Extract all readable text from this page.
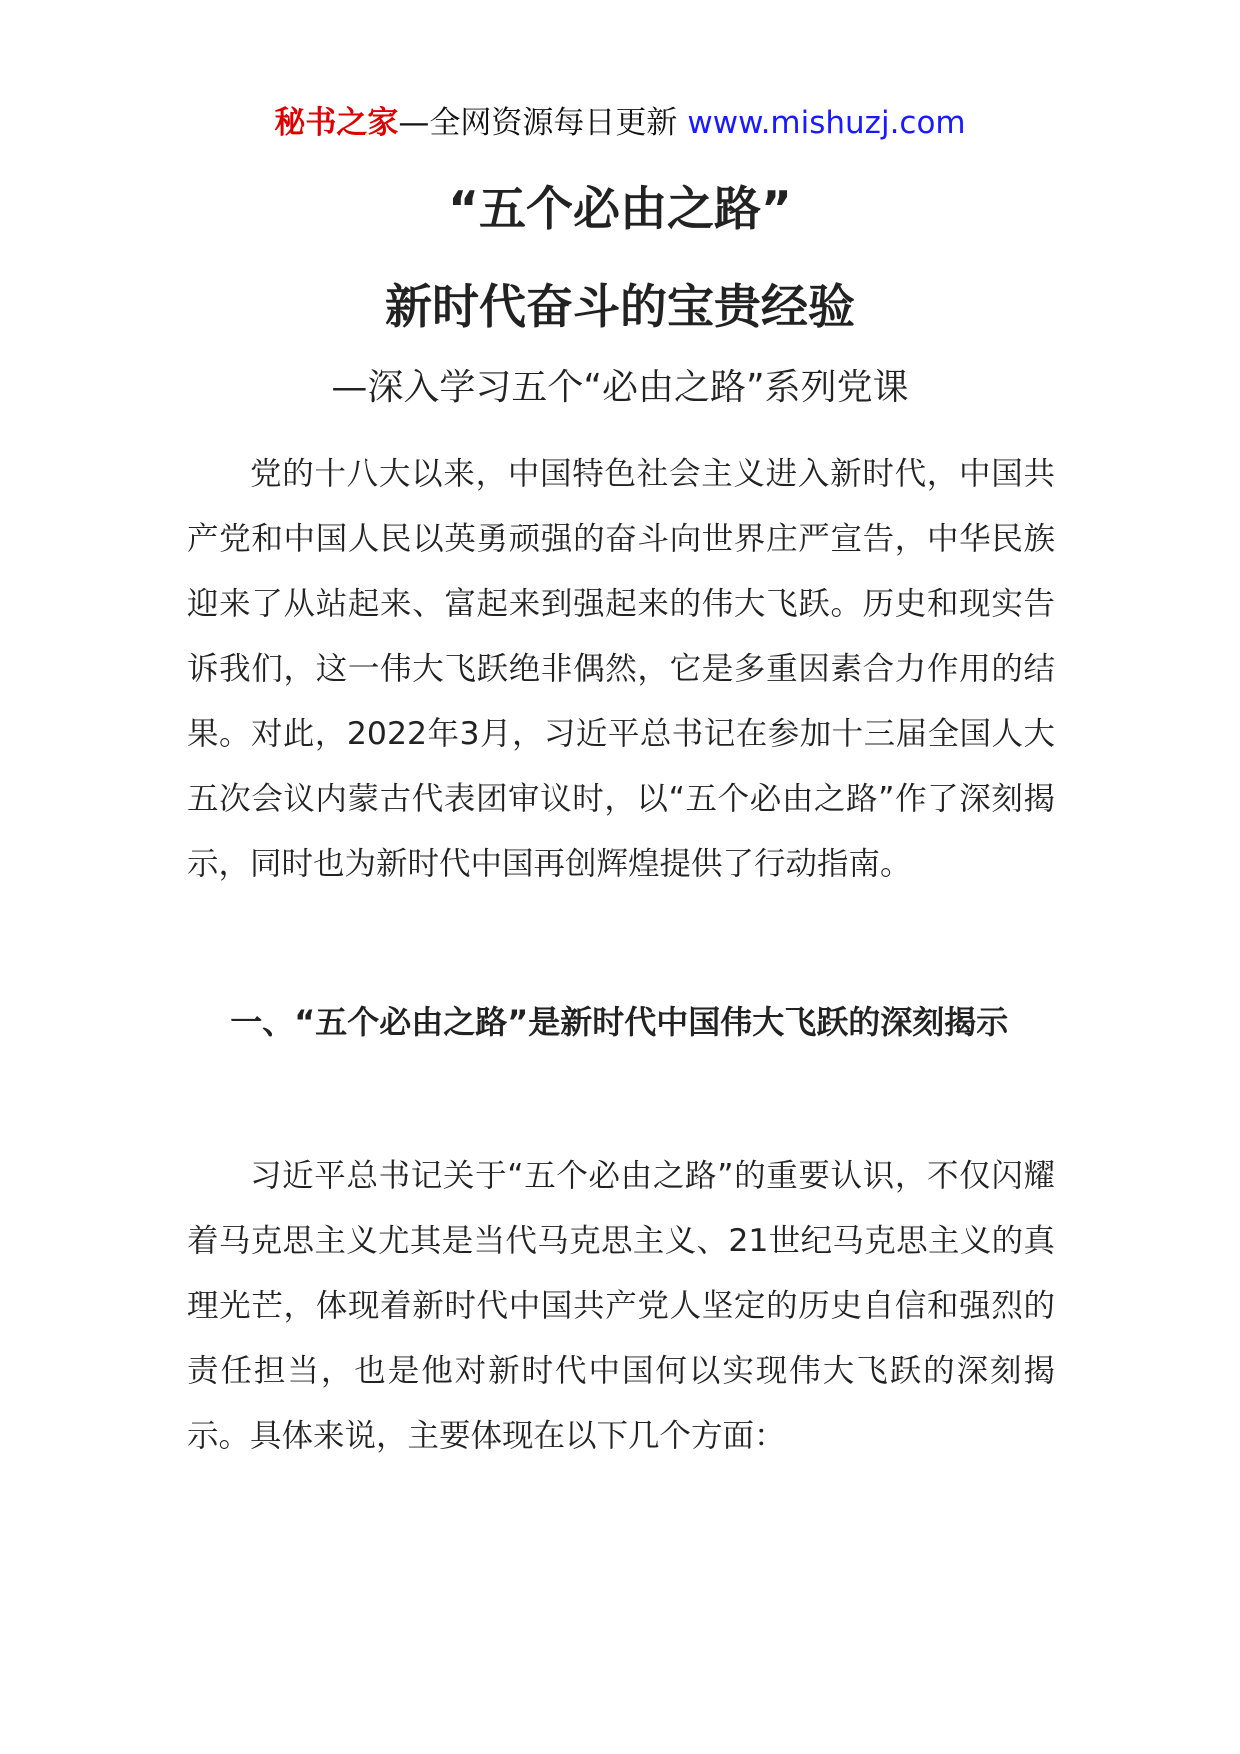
秘书之家—全网资源每日更新 www.mishuzj.com
“五个必由之路”
新时代奋斗的宝贵经验
—深入学习五个“必由之路”系列党课

党的十八大以来，中国特色社会主义进入新时代，中国共产党和中国人民以英勇顽强的奋斗向世界庄严宣告，中华民族迎来了从站起来、富起来到强起来的伟大飞跃。历史和现实告诉我们，这一伟大飞跃绝非偶然，它是多重因素合力作用的结果。对此，2022年3月，习近平总书记在参加十三届全国人大五次会议内蒙古代表团审议时，以“五个必由之路”作了深刻揭示，同时也为新时代中国再创辉煌提供了行动指南。

一、“五个必由之路”是新时代中国伟大飞跃的深刻揭示

习近平总书记关于“五个必由之路”的重要认识，不仅闪耀着马克思主义尤其是当代马克思主义、21世纪马克思主义的真理光芒，体现着新时代中国共产党人坚定的历史自信和强烈的责任担当，也是他对新时代中国何以实现伟大飞跃的深刻揭示。具体来说，主要体现在以下几个方面：
